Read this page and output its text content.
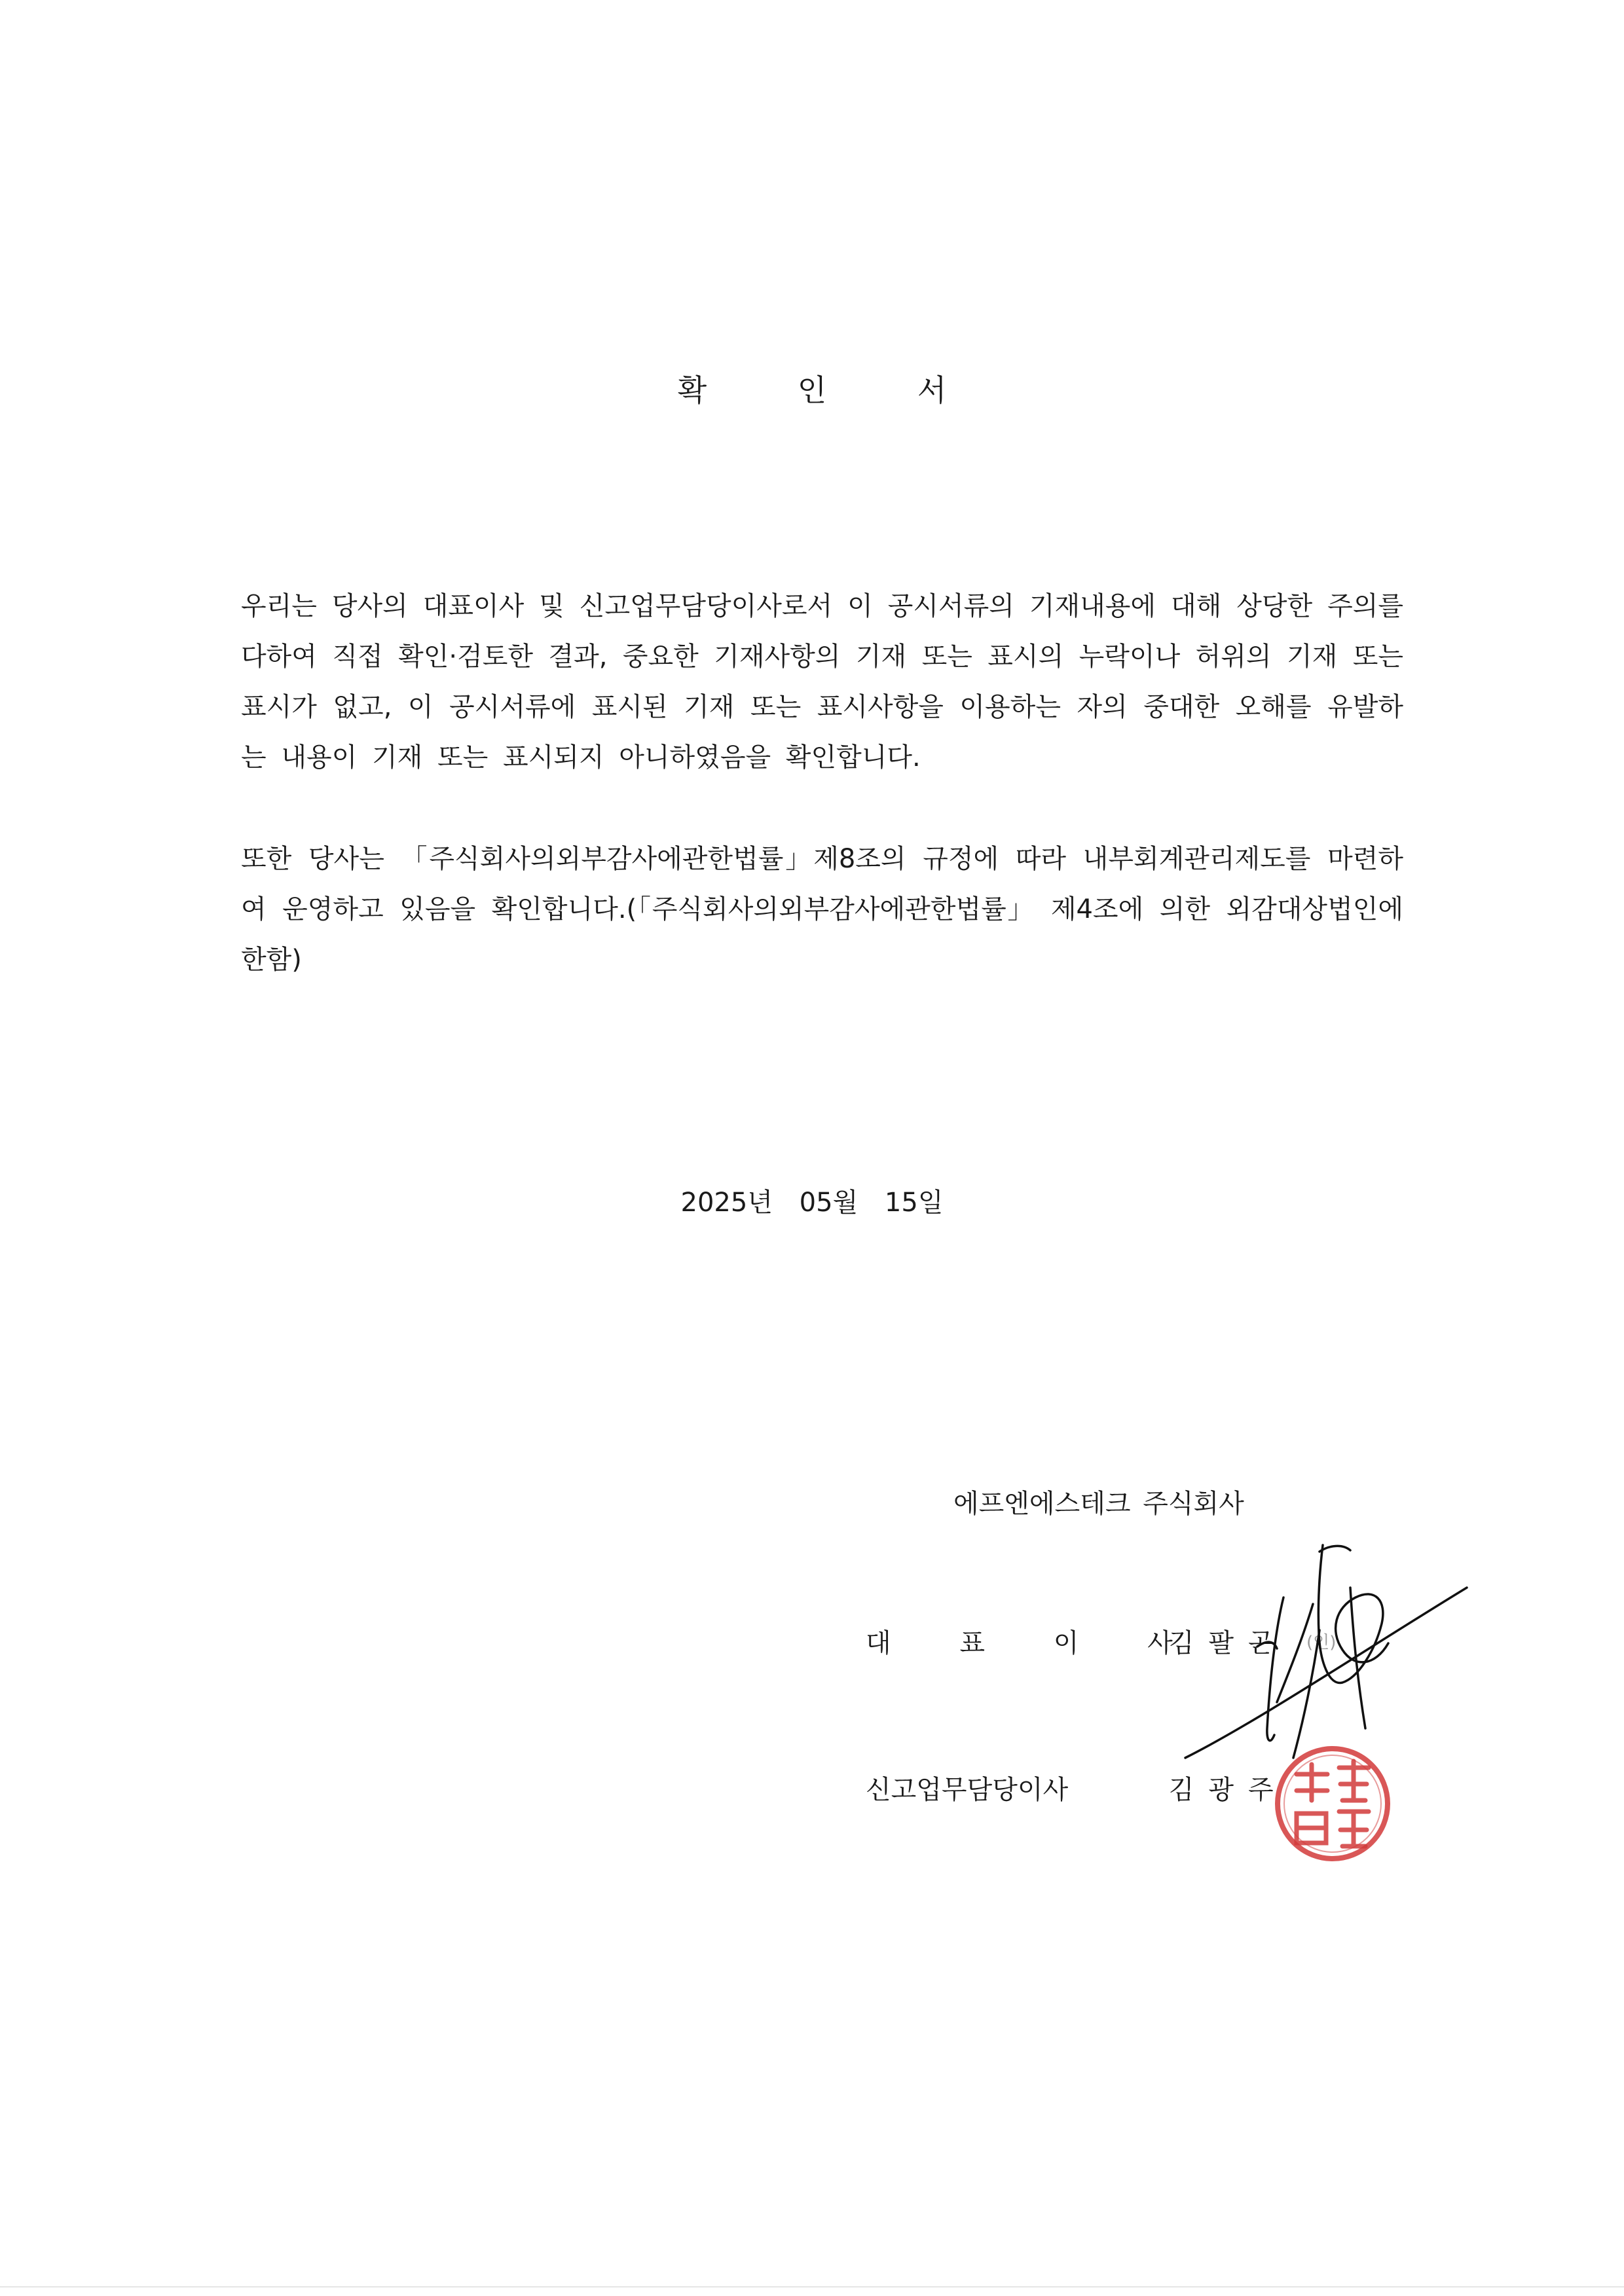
확 인 서
우리는 당사의 대표이사 및 신고업무담당이사로서 이 공시서류의 기재내용에 대해 상당한 주의를 다하여 직접 확인·검토한 결과, 중요한 기재사항의 기재 또는 표시의 누락이나 허위의 기재 또는 표시가 없고, 이 공시서류에 표시된 기재 또는 표시사항을 이용하는 자의 중대한 오해를 유발하는 내용이 기재 또는 표시되지 아니하였음을 확인합니다.
또한 당사는 「주식회사의외부감사에관한법률」제8조의 규정에 따라 내부회계관리제도를 마련하여 운영하고 있음을 확인합니다.(「주식회사의외부감사에관한법률」 제4조에 의한 외감대상법인에 한함)
2025년 05월 15일
에프엔에스테크 주식회사
대 표 이 사 김팔곤 (인)
신고업무담당이사	김광주
